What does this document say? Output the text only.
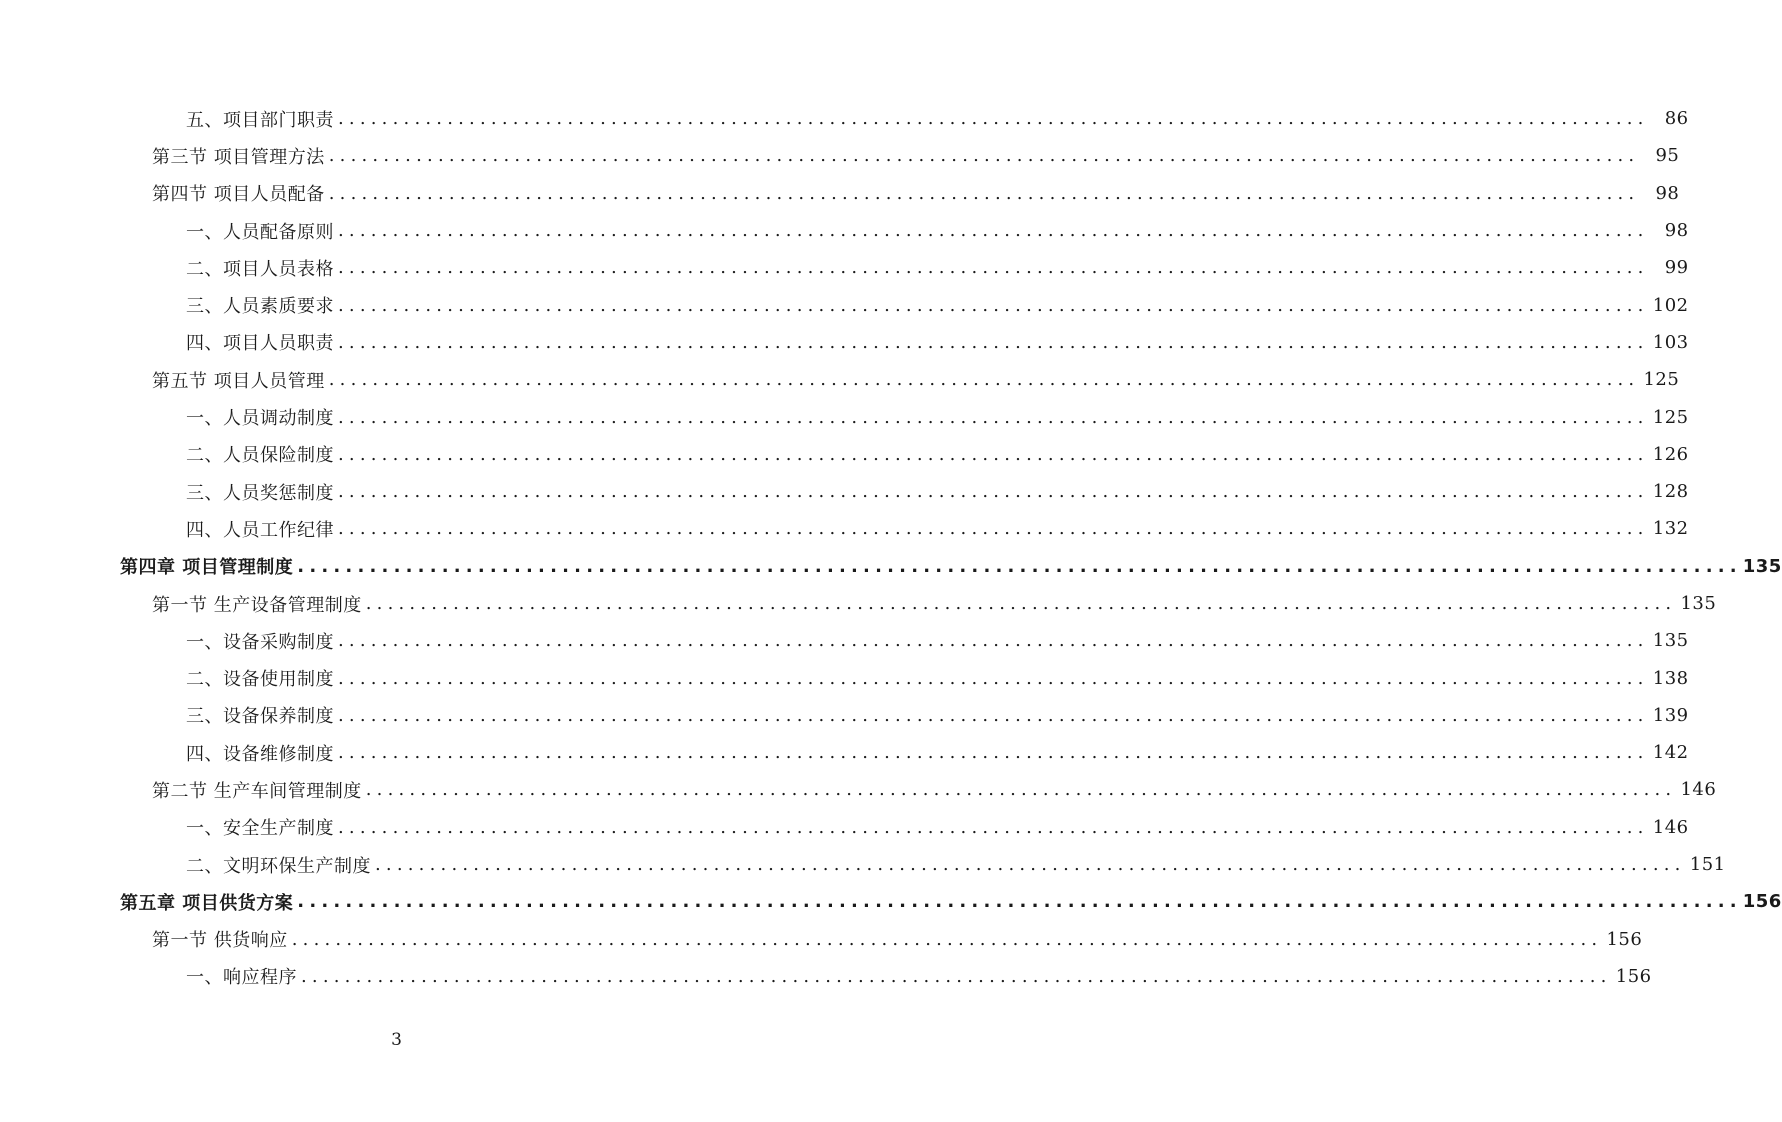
五、项目部门职责 ........................................................................................................................ 86
第三节 项目管理方法 ........................................................................................................................ 95
第四节 项目人员配备 ........................................................................................................................ 98
一、人员配备原则 ........................................................................................................................ 98
二、项目人员表格 ........................................................................................................................ 99
三、人员素质要求 ........................................................................................................................ 102
四、项目人员职责 ........................................................................................................................ 103
第五节 项目人员管理 ........................................................................................................................ 125
一、人员调动制度 ........................................................................................................................ 125
二、人员保险制度 ........................................................................................................................ 126
三、人员奖惩制度 ........................................................................................................................ 128
四、人员工作纪律 ........................................................................................................................ 132
第四章 项目管理制度 ........................................................................................................................ 135
第一节 生产设备管理制度 ........................................................................................................................ 135
一、设备采购制度 ........................................................................................................................ 135
二、设备使用制度 ........................................................................................................................ 138
三、设备保养制度 ........................................................................................................................ 139
四、设备维修制度 ........................................................................................................................ 142
第二节 生产车间管理制度 ........................................................................................................................ 146
一、安全生产制度 ........................................................................................................................ 146
二、文明环保生产制度 ........................................................................................................................ 151
第五章 项目供货方案 ........................................................................................................................ 156
第一节 供货响应 ........................................................................................................................ 156
一、响应程序 ........................................................................................................................ 156
3
